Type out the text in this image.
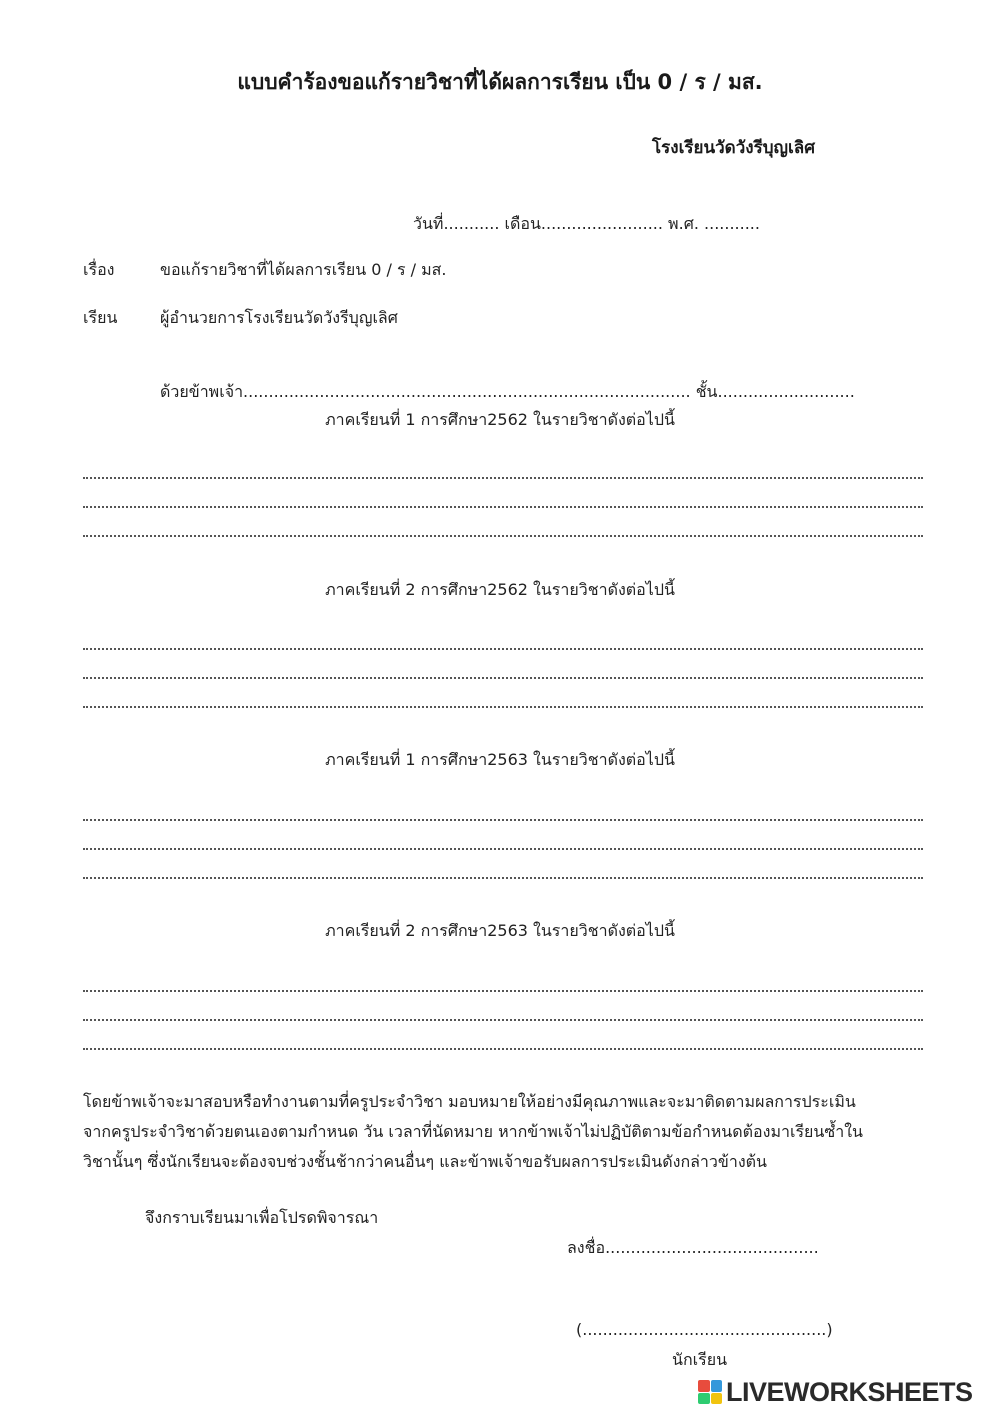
แบบคำร้องขอแก้รายวิชาที่ได้ผลการเรียน เป็น 0 / ร / มส.
โรงเรียนวัดวังรีบุญเลิศ
วันที่........... เดือน........................ พ.ศ. ...........
เรื่อง	ขอแก้รายวิชาที่ได้ผลการเรียน 0 / ร / มส.
เรียน	ผู้อำนวยการโรงเรียนวัดวังรีบุญเลิศ
ด้วยข้าพเจ้า........................................................................................ ชั้น...........................
ภาคเรียนที่ 1 การศึกษา2562 ในรายวิชาดังต่อไปนี้
ภาคเรียนที่ 2 การศึกษา2562 ในรายวิชาดังต่อไปนี้
ภาคเรียนที่ 1 การศึกษา2563 ในรายวิชาดังต่อไปนี้
ภาคเรียนที่ 2 การศึกษา2563 ในรายวิชาดังต่อไปนี้
โดยข้าพเจ้าจะมาสอบหรือทำงานตามที่ครูประจำวิชา มอบหมายให้อย่างมีคุณภาพและจะมาติดตามผลการประเมิน
จากครูประจำวิชาด้วยตนเองตามกำหนด วัน เวลาที่นัดหมาย หากข้าพเจ้าไม่ปฏิบัติตามข้อกำหนดต้องมาเรียนซ้ำใน
วิชานั้นๆ ซึ่งนักเรียนจะต้องจบช่วงชั้นช้ากว่าคนอื่นๆ และข้าพเจ้าขอรับผลการประเมินดังกล่าวข้างต้น
จึงกราบเรียนมาเพื่อโปรดพิจารณา
ลงชื่อ..........................................
(................................................)
นักเรียน
LIVEWORKSHEETS
